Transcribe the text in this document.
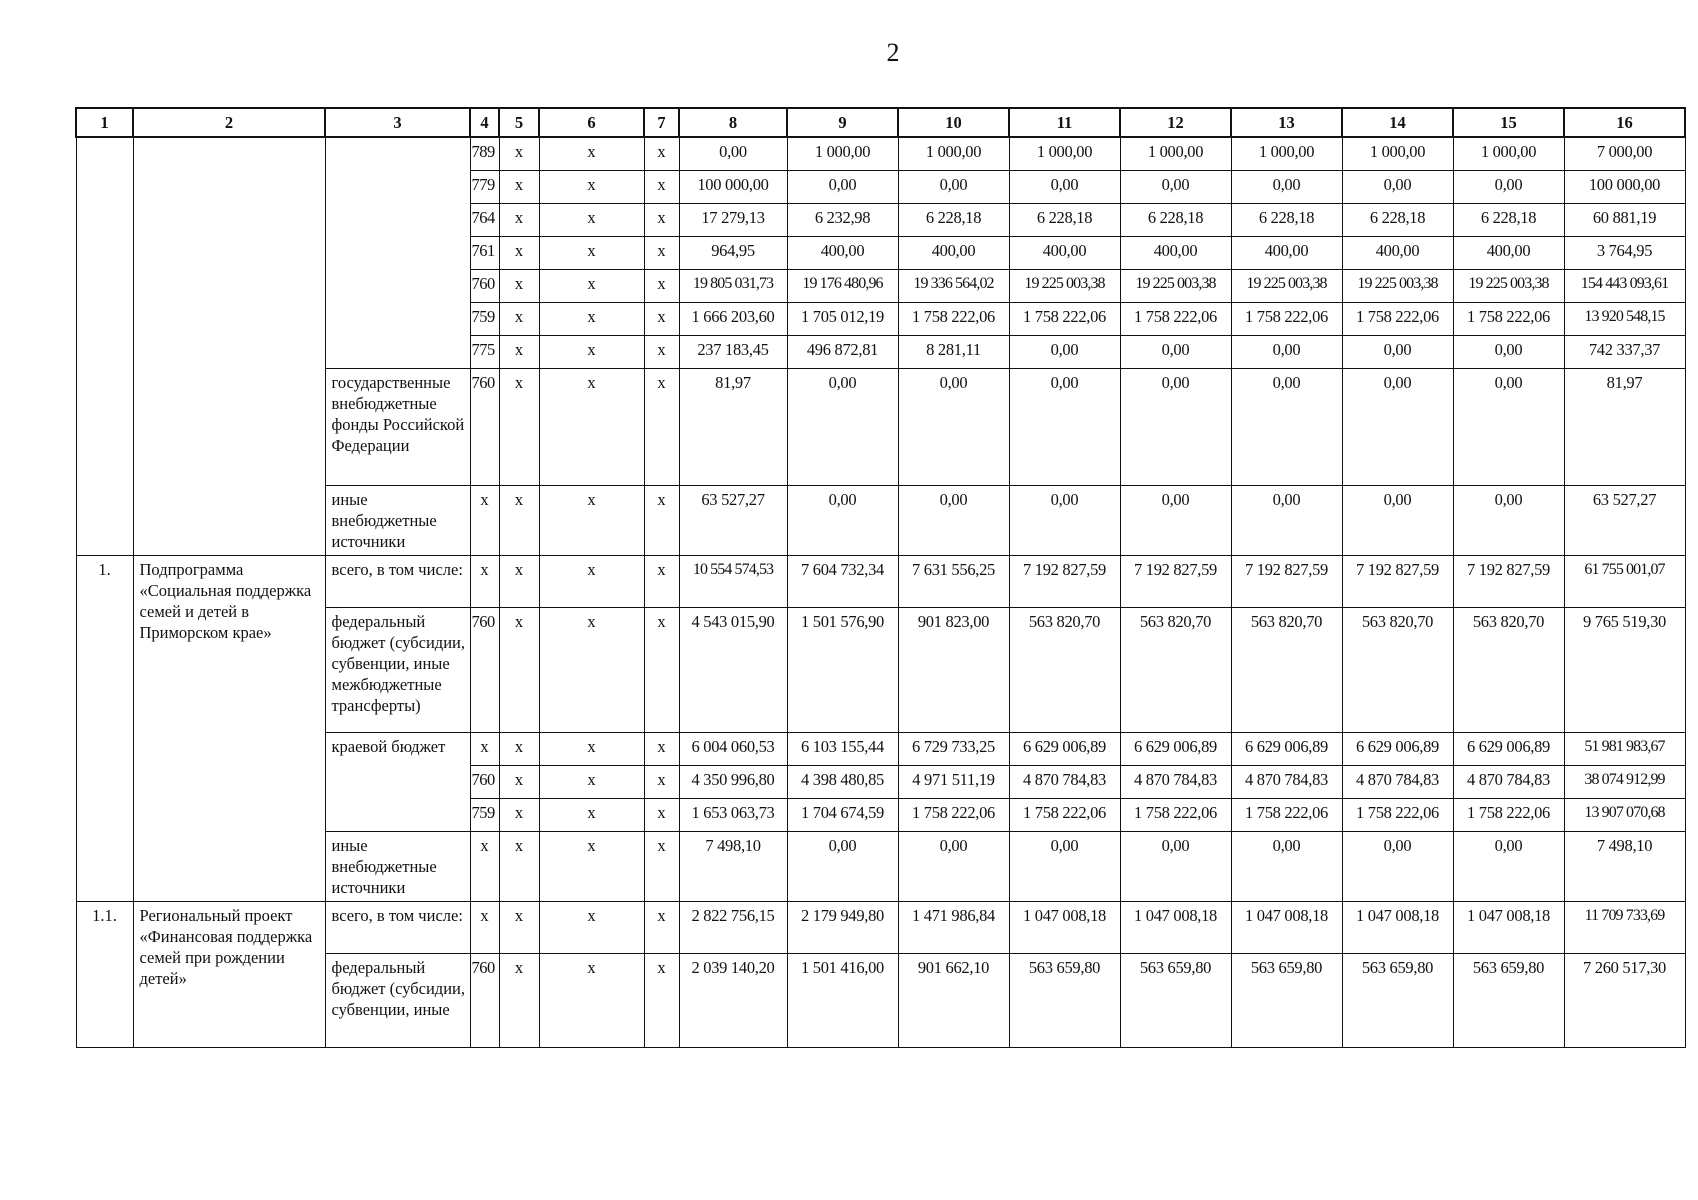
2
1	2	3	4	5	6	7	8	9	10	11	12	13	14	15	16
			789	x	x	x	0,00	1 000,00	1 000,00	1 000,00	1 000,00	1 000,00	1 000,00	1 000,00	7 000,00
			779	x	x	x	100 000,00	0,00	0,00	0,00	0,00	0,00	0,00	0,00	100 000,00
			764	x	x	x	17 279,13	6 232,98	6 228,18	6 228,18	6 228,18	6 228,18	6 228,18	6 228,18	60 881,19
			761	x	x	x	964,95	400,00	400,00	400,00	400,00	400,00	400,00	400,00	3 764,95
			760	x	x	x	19 805 031,73	19 176 480,96	19 336 564,02	19 225 003,38	19 225 003,38	19 225 003,38	19 225 003,38	19 225 003,38	154 443 093,61
			759	x	x	x	1 666 203,60	1 705 012,19	1 758 222,06	1 758 222,06	1 758 222,06	1 758 222,06	1 758 222,06	1 758 222,06	13 920 548,15
			775	x	x	x	237 183,45	496 872,81	8 281,11	0,00	0,00	0,00	0,00	0,00	742 337,37
		государственные внебюджетные фонды Российской Федерации	760	x	x	x	81,97	0,00	0,00	0,00	0,00	0,00	0,00	0,00	81,97
		иные внебюджетные источники	x	x	x	x	63 527,27	0,00	0,00	0,00	0,00	0,00	0,00	0,00	63 527,27
1.	Подпрограмма «Социальная поддержка семей и детей в Приморском крае»	всего, в том числе:	x	x	x	x	10 554 574,53	7 604 732,34	7 631 556,25	7 192 827,59	7 192 827,59	7 192 827,59	7 192 827,59	7 192 827,59	61 755 001,07
		федеральный бюджет (субсидии, субвенции, иные межбюджетные трансферты)	760	x	x	x	4 543 015,90	1 501 576,90	901 823,00	563 820,70	563 820,70	563 820,70	563 820,70	563 820,70	9 765 519,30
		краевой бюджет	x	x	x	x	6 004 060,53	6 103 155,44	6 729 733,25	6 629 006,89	6 629 006,89	6 629 006,89	6 629 006,89	6 629 006,89	51 981 983,67
			760	x	x	x	4 350 996,80	4 398 480,85	4 971 511,19	4 870 784,83	4 870 784,83	4 870 784,83	4 870 784,83	4 870 784,83	38 074 912,99
			759	x	x	x	1 653 063,73	1 704 674,59	1 758 222,06	1 758 222,06	1 758 222,06	1 758 222,06	1 758 222,06	1 758 222,06	13 907 070,68
		иные внебюджетные источники	x	x	x	x	7 498,10	0,00	0,00	0,00	0,00	0,00	0,00	0,00	7 498,10
1.1.	Региональный проект «Финансовая поддержка семей при рождении детей»	всего, в том числе:	x	x	x	x	2 822 756,15	2 179 949,80	1 471 986,84	1 047 008,18	1 047 008,18	1 047 008,18	1 047 008,18	1 047 008,18	11 709 733,69
		федеральный бюджет (субсидии, субвенции, иные	760	x	x	x	2 039 140,20	1 501 416,00	901 662,10	563 659,80	563 659,80	563 659,80	563 659,80	563 659,80	7 260 517,30
